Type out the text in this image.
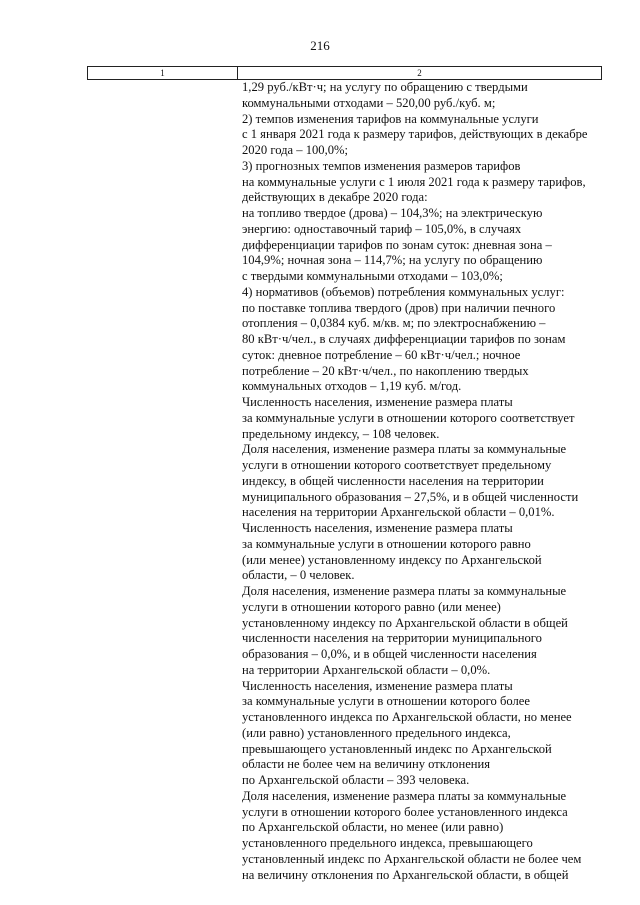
216
1	2
1,29 руб./кВт·ч; на услугу по обращению с твердыми
коммунальными отходами – 520,00 руб./куб. м;
2) темпов изменения тарифов на коммунальные услуги
с 1 января 2021 года к размеру тарифов, действующих в декабре
2020 года – 100,0%;
3) прогнозных темпов изменения размеров тарифов
на коммунальные услуги с 1 июля 2021 года к размеру тарифов,
действующих в декабре 2020 года:
на топливо твердое (дрова) – 104,3%; на электрическую
энергию: одноставочный тариф – 105,0%, в случаях
дифференциации тарифов по зонам суток: дневная зона –
104,9%; ночная зона – 114,7%; на услугу по обращению
с твердыми коммунальными отходами – 103,0%;
4) нормативов (объемов) потребления коммунальных услуг:
по поставке топлива твердого (дров) при наличии печного
отопления – 0,0384 куб. м/кв. м; по электроснабжению –
80 кВт·ч/чел., в случаях дифференциации тарифов по зонам
суток: дневное потребление – 60 кВт·ч/чел.; ночное
потребление – 20 кВт·ч/чел., по накоплению твердых
коммунальных отходов – 1,19 куб. м/год.
Численность населения, изменение размера платы
за коммунальные услуги в отношении которого соответствует
предельному индексу, – 108 человек.
Доля населения, изменение размера платы за коммунальные
услуги в отношении которого соответствует предельному
индексу, в общей численности населения на территории
муниципального образования – 27,5%, и в общей численности
населения на территории Архангельской области – 0,01%.
Численность населения, изменение размера платы
за коммунальные услуги в отношении которого равно
(или менее) установленному индексу по Архангельской
области, – 0 человек.
Доля населения, изменение размера платы за коммунальные
услуги в отношении которого равно (или менее)
установленному индексу по Архангельской области в общей
численности населения на территории муниципального
образования – 0,0%, и в общей численности населения
на территории Архангельской области – 0,0%.
Численность населения, изменение размера платы
за коммунальные услуги в отношении которого более
установленного индекса по Архангельской области, но менее
(или равно) установленного предельного индекса,
превышающего установленный индекс по Архангельской
области не более чем на величину отклонения
по Архангельской области – 393 человека.
Доля населения, изменение размера платы за коммунальные
услуги в отношении которого более установленного индекса
по Архангельской области, но менее (или равно)
установленного предельного индекса, превышающего
установленный индекс по Архангельской области не более чем
на величину отклонения по Архангельской области, в общей
